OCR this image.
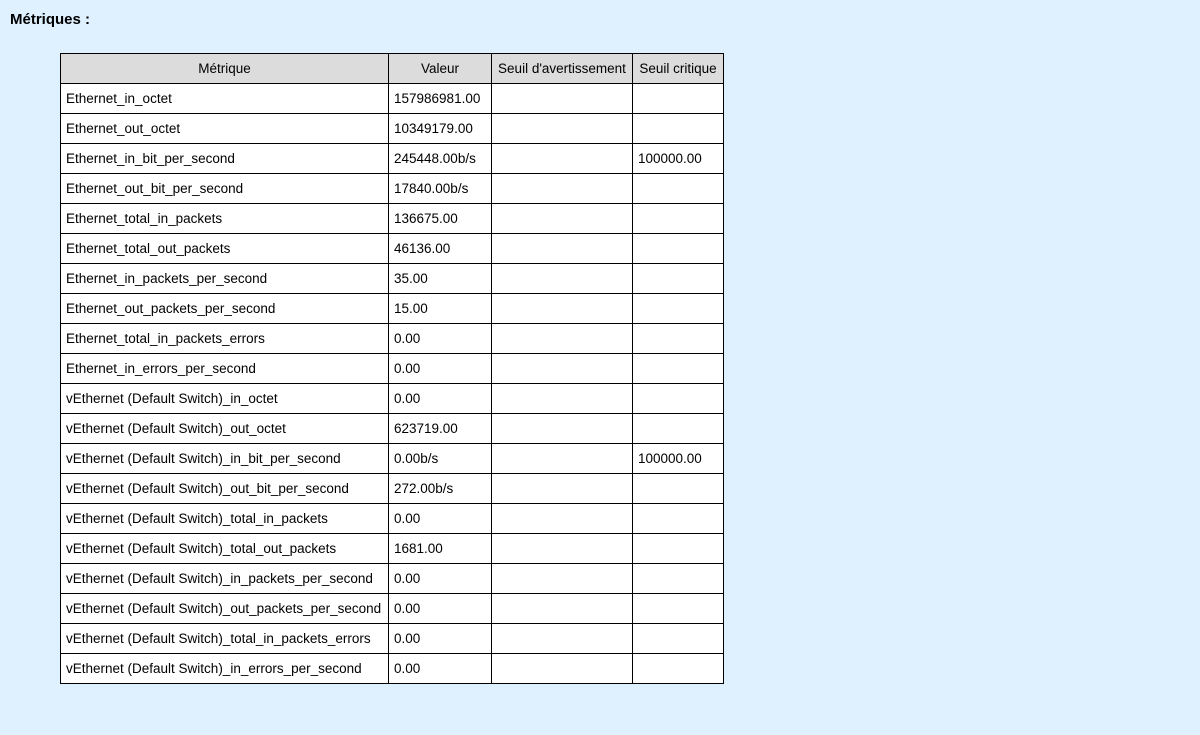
Métriques :
Métrique	Valeur	Seuil d'avertissement	Seuil critique
Ethernet_in_octet	157986981.00		
Ethernet_out_octet	10349179.00		
Ethernet_in_bit_per_second	245448.00b/s		100000.00
Ethernet_out_bit_per_second	17840.00b/s		
Ethernet_total_in_packets	136675.00		
Ethernet_total_out_packets	46136.00		
Ethernet_in_packets_per_second	35.00		
Ethernet_out_packets_per_second	15.00		
Ethernet_total_in_packets_errors	0.00		
Ethernet_in_errors_per_second	0.00		
vEthernet (Default Switch)_in_octet	0.00		
vEthernet (Default Switch)_out_octet	623719.00		
vEthernet (Default Switch)_in_bit_per_second	0.00b/s		100000.00
vEthernet (Default Switch)_out_bit_per_second	272.00b/s		
vEthernet (Default Switch)_total_in_packets	0.00		
vEthernet (Default Switch)_total_out_packets	1681.00		
vEthernet (Default Switch)_in_packets_per_second	0.00		
vEthernet (Default Switch)_out_packets_per_second	0.00		
vEthernet (Default Switch)_total_in_packets_errors	0.00		
vEthernet (Default Switch)_in_errors_per_second	0.00		
